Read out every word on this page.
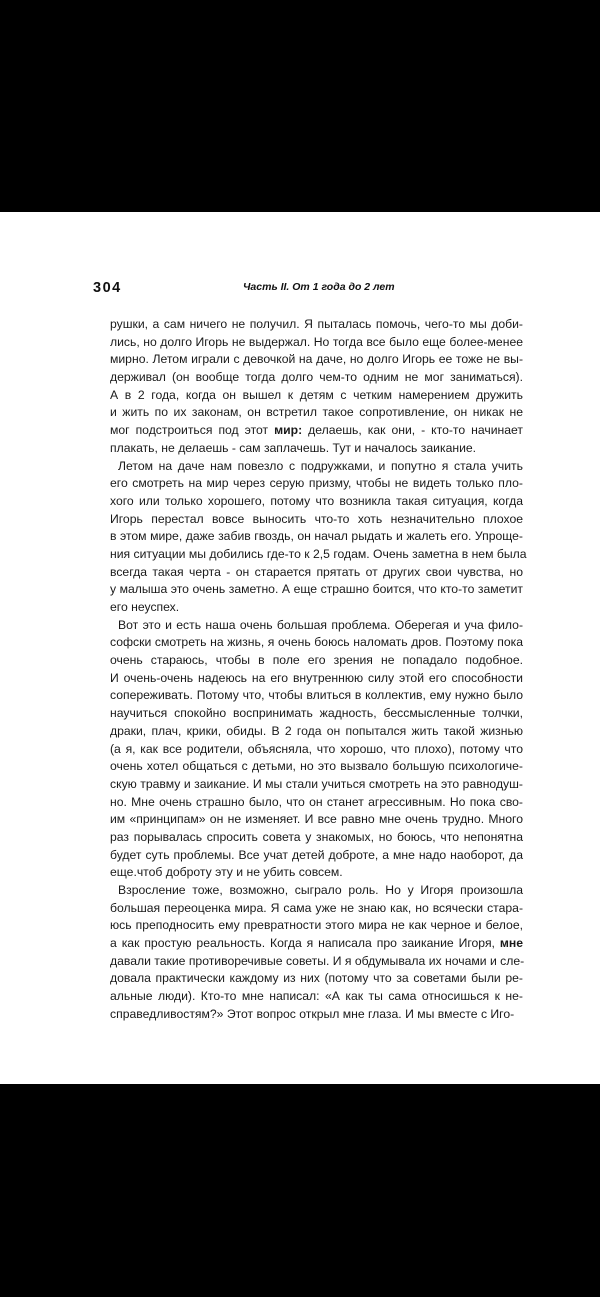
304	Часть II. От 1 года до 2 лет

рушки, а сам ничего не получил. Я пыталась помочь, чего-то мы доби-
лись, но долго Игорь не выдержал. Но тогда все было еще более-менее
мирно. Летом играли с девочкой на даче, но долго Игорь ее тоже не вы-
держивал (он вообще тогда долго чем-то одним не мог заниматься).
А в 2 года, когда он вышел к детям с четким намерением дружить
и жить по их законам, он встретил такое сопротивление, он никак не
мог подстроиться под этот мир: делаешь, как они, - кто-то начинает
плакать, не делаешь - сам заплачешь. Тут и началось заикание.

Летом на даче нам повезло с подружками, и попутно я стала учить
его смотреть на мир через серую призму, чтобы не видеть только пло-
хого или только хорошего, потому что возникла такая ситуация, когда
Игорь перестал вовсе выносить что-то хоть незначительно плохое
в этом мире, даже забив гвоздь, он начал рыдать и жалеть его. Упроще-
ния ситуации мы добились где-то к 2,5 годам. Очень заметна в нем была
всегда такая черта - он старается прятать от других свои чувства, но
у малыша это очень заметно. А еще страшно боится, что кто-то заметит
его неуспех.

Вот это и есть наша очень большая проблема. Оберегая и уча фило-
софски смотреть на жизнь, я очень боюсь наломать дров. Поэтому пока
очень стараюсь, чтобы в поле его зрения не попадало подобное.
И очень-очень надеюсь на его внутреннюю силу этой его способности
сопереживать. Потому что, чтобы влиться в коллектив, ему нужно было
научиться спокойно воспринимать жадность, бессмысленные толчки,
драки, плач, крики, обиды. В 2 года он попытался жить такой жизнью
(а я, как все родители, объясняла, что хорошо, что плохо), потому что
очень хотел общаться с детьми, но это вызвало большую психологиче-
скую травму и заикание. И мы стали учиться смотреть на это равнодуш-
но. Мне очень страшно было, что он станет агрессивным. Но пока сво-
им «принципам» он не изменяет. И все равно мне очень трудно. Много
раз порывалась спросить совета у знакомых, но боюсь, что непонятна
будет суть проблемы. Все учат детей доброте, а мне надо наоборот, да
еще.чтоб доброту эту и не убить совсем.

Взросление тоже, возможно, сыграло роль. Но у Игоря произошла
большая переоценка мира. Я сама уже не знаю как, но всячески стара-
юсь преподносить ему превратности этого мира не как черное и белое,
а как простую реальность. Когда я написала про заикание Игоря, мне
давали такие противоречивые советы. И я обдумывала их ночами и сле-
довала практически каждому из них (потому что за советами были ре-
альные люди). Кто-то мне написал: «А как ты сама относишься к не-
справедливостям?» Этот вопрос открыл мне глаза. И мы вместе с Иго-
